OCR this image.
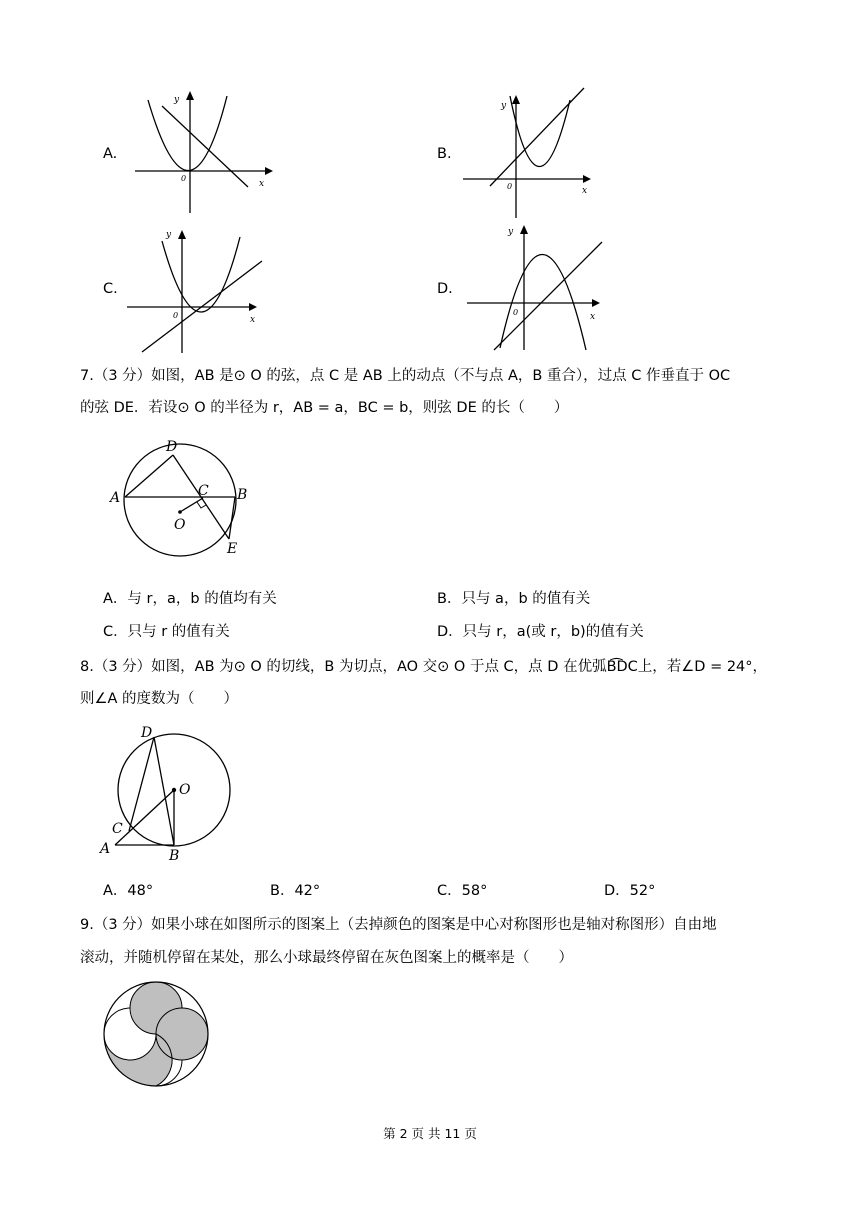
A.
x
y
0
B.
x
y
0
C.
x
y
0
D.
x
y
0
7.（3 分）如图，AB 是⊙ O 的弦，点 C 是 AB 上的动点（不与点 A，B 重合），过点 C 作垂直于 OC
的弦 DE．若设⊙ O 的半径为 r，AB = a，BC = b，则弦 DE 的长（　　）
A	B
C
D
E
O
A．与 r，a，b 的值均有关	B．只与 a，b 的值有关
C．只与 r 的值有关	D．只与 r，a(或 r，b)的值有关
8.（3 分）如图，AB 为⊙ O 的切线，B 为切点，AO 交⊙ O 于点 C，点 D 在优弧B͡DC上，若∠D = 24°，
则∠A 的度数为（　　）
D
O
C
A	B
A．48°	B．42°	C．58°	D．52°
9.（3 分）如果小球在如图所示的图案上（去掉颜色的图案是中心对称图形也是轴对称图形）自由地
滚动，并随机停留在某处，那么小球最终停留在灰色图案上的概率是（　　）
第 2 页 共 11 页
